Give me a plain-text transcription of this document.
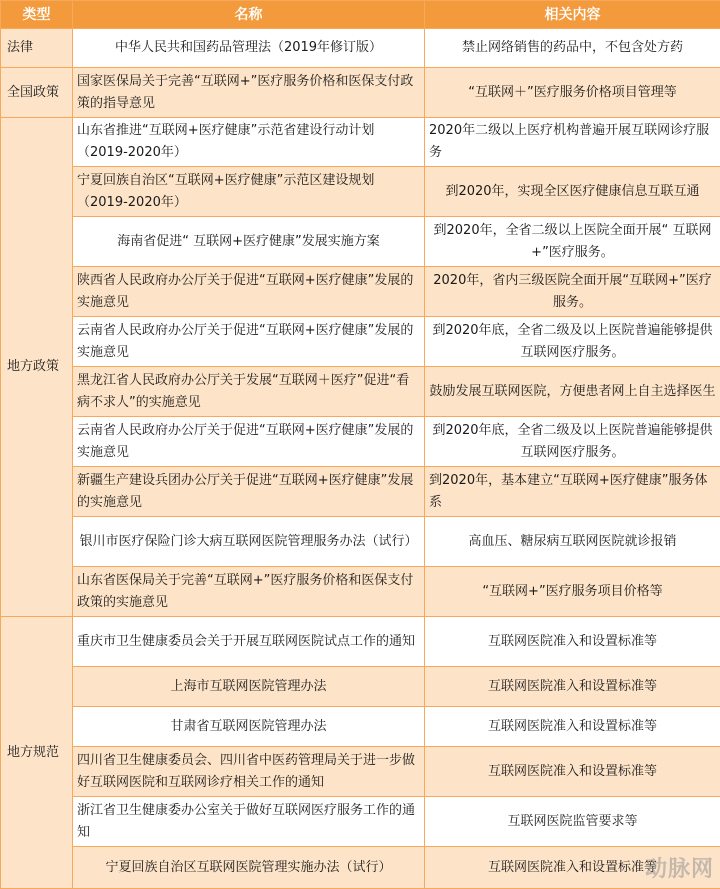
类型	名称	相关内容
法律	中华人民共和国药品管理法（2019年修订版）	禁止网络销售的药品中，不包含处方药
全国政策	国家医保局关于完善“互联网+”医疗服务价格和医保支付政策的指导意见	“互联网＋”医疗服务价格项目管理等
地方政策	山东省推进“互联网+医疗健康”示范省建设行动计划（2019-2020年）	2020年二级以上医疗机构普遍开展互联网诊疗服务
	宁夏回族自治区“互联网+医疗健康”示范区建设规划（2019-2020年）	到2020年，实现全区医疗健康信息互联互通
	海南省促进“ 互联网+医疗健康”发展实施方案	到2020年，全省二级以上医院全面开展“ 互联网+”医疗服务。
	陕西省人民政府办公厅关于促进“互联网+医疗健康”发展的实施意见	2020年，省内三级医院全面开展“互联网+”医疗服务。
	云南省人民政府办公厅关于促进“互联网+医疗健康”发展的实施意见	到2020年底，全省二级及以上医院普遍能够提供互联网医疗服务。
	黑龙江省人民政府办公厅关于发展“互联网＋医疗”促进“看病不求人”的实施意见	鼓励发展互联网医院，方便患者网上自主选择医生
	云南省人民政府办公厅关于促进“互联网+医疗健康”发展的实施意见	到2020年底，全省二级及以上医院普遍能够提供互联网医疗服务。
	新疆生产建设兵团办公厅关于促进“互联网+医疗健康”发展的实施意见	到2020年，基本建立“互联网+医疗健康”服务体系
	银川市医疗保险门诊大病互联网医院管理服务办法（试行）	高血压、糖尿病互联网医院就诊报销
	山东省医保局关于完善“互联网+”医疗服务价格和医保支付政策的实施意见	“互联网+”医疗服务项目价格等
地方规范	重庆市卫生健康委员会关于开展互联网医院试点工作的通知	互联网医院准入和设置标准等
	上海市互联网医院管理办法	互联网医院准入和设置标准等
	甘肃省互联网医院管理办法	互联网医院准入和设置标准等
	四川省卫生健康委员会、四川省中医药管理局关于进一步做好互联网医院和互联网诊疗相关工作的通知	互联网医院准入和设置标准等
	浙江省卫生健康委办公室关于做好互联网医疗服务工作的通知	互联网医院监管要求等
	宁夏回族自治区互联网医院管理实施办法（试行）	互联网医院准入和设置标准等
动脉网
